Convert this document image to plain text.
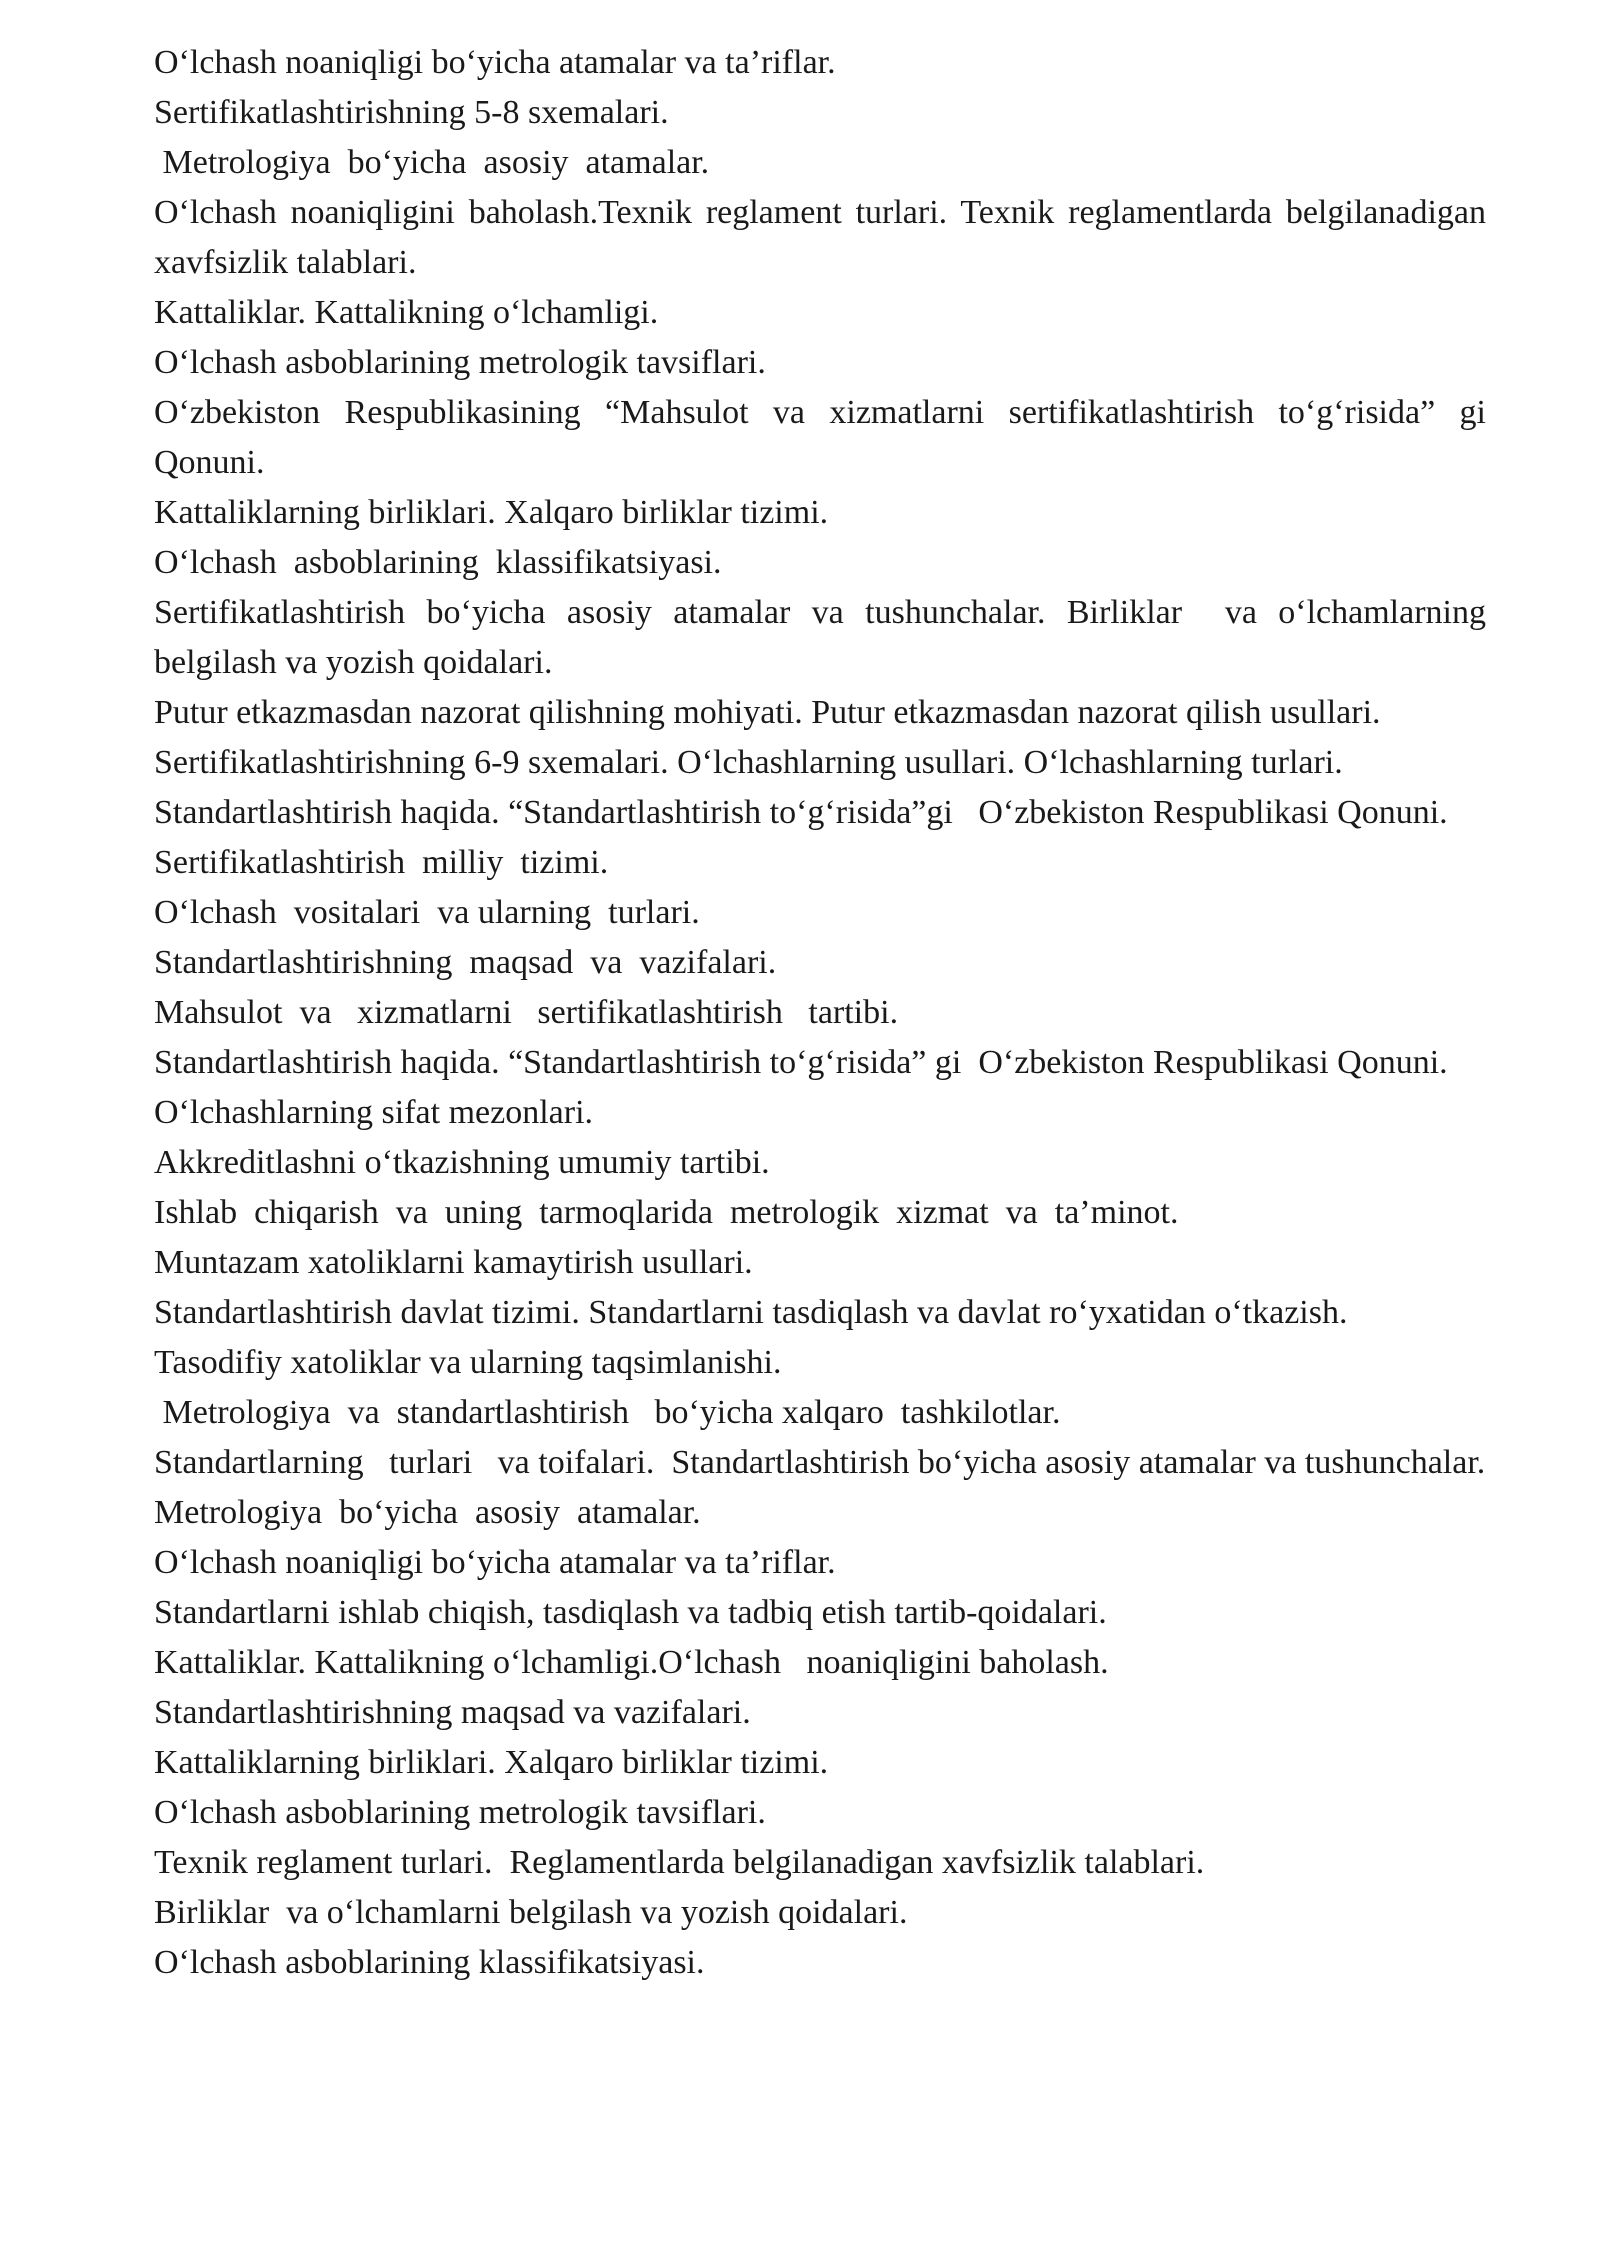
O‘lchash noaniqligi bo‘yicha atamalar va ta’riflar.

Sertifikatlashtirishning 5-8 sxemalari.

Metrologiya  bo‘yicha  asosiy  atamalar.

O‘lchash noaniqligini baholash.Texnik reglament turlari. Texnik reglamentlarda belgilanadigan xavfsizlik talablari.

Kattaliklar. Kattalikning o‘lchamligi.

O‘lchash asboblarining metrologik tavsiflari.

O‘zbekiston Respublikasining “Mahsulot va xizmatlarni sertifikatlashtirish to‘g‘risida” gi  Qonuni.

Kattaliklarning birliklari. Xalqaro birliklar tizimi.

O‘lchash  asboblarining  klassifikatsiyasi.

Sertifikatlashtirish bo‘yicha asosiy atamalar va tushunchalar. Birliklar  va o‘lchamlarning belgilash va yozish qoidalari.

Putur etkazmasdan nazorat qilishning mohiyati. Putur etkazmasdan nazorat qilish usullari.

Sertifikatlashtirishning 6-9 sxemalari. O‘lchashlarning usullari. O‘lchashlarning turlari.

Standartlashtirish haqida. “Standartlashtirish to‘g‘risida”gi   O‘zbekiston Respublikasi Qonuni.

Sertifikatlashtirish  milliy  tizimi.

O‘lchash  vositalari  va ularning  turlari.

Standartlashtirishning  maqsad  va  vazifalari.

Mahsulot  va   xizmatlarni   sertifikatlashtirish   tartibi.

Standartlashtirish haqida. “Standartlashtirish to‘g‘risida” gi  O‘zbekiston Respublikasi Qonuni.

O‘lchashlarning sifat mezonlari.

Akkreditlashni o‘tkazishning umumiy tartibi.

Ishlab  chiqarish  va  uning  tarmoqlarida  metrologik  xizmat  va  ta’minot.

Muntazam xatoliklarni kamaytirish usullari.

Standartlashtirish davlat tizimi. Standartlarni tasdiqlash va davlat ro‘yxatidan o‘tkazish.

Tasodifiy xatoliklar va ularning taqsimlanishi.

Metrologiya  va  standartlashtirish   bo‘yicha xalqaro  tashkilotlar.

Standartlarning   turlari   va toifalari.  Standartlashtirish bo‘yicha asosiy atamalar va tushunchalar.

Metrologiya  bo‘yicha  asosiy  atamalar.

O‘lchash noaniqligi bo‘yicha atamalar va ta’riflar.

Standartlarni ishlab chiqish, tasdiqlash va tadbiq etish tartib-qoidalari.

Kattaliklar. Kattalikning o‘lchamligi.O‘lchash   noaniqligini baholash.

Standartlashtirishning maqsad va vazifalari.

Kattaliklarning birliklari. Xalqaro birliklar tizimi.

O‘lchash asboblarining metrologik tavsiflari.

Texnik reglament turlari.  Reglamentlarda belgilanadigan xavfsizlik talablari.

Birliklar  va o‘lchamlarni belgilash va yozish qoidalari.

O‘lchash asboblarining klassifikatsiyasi.
